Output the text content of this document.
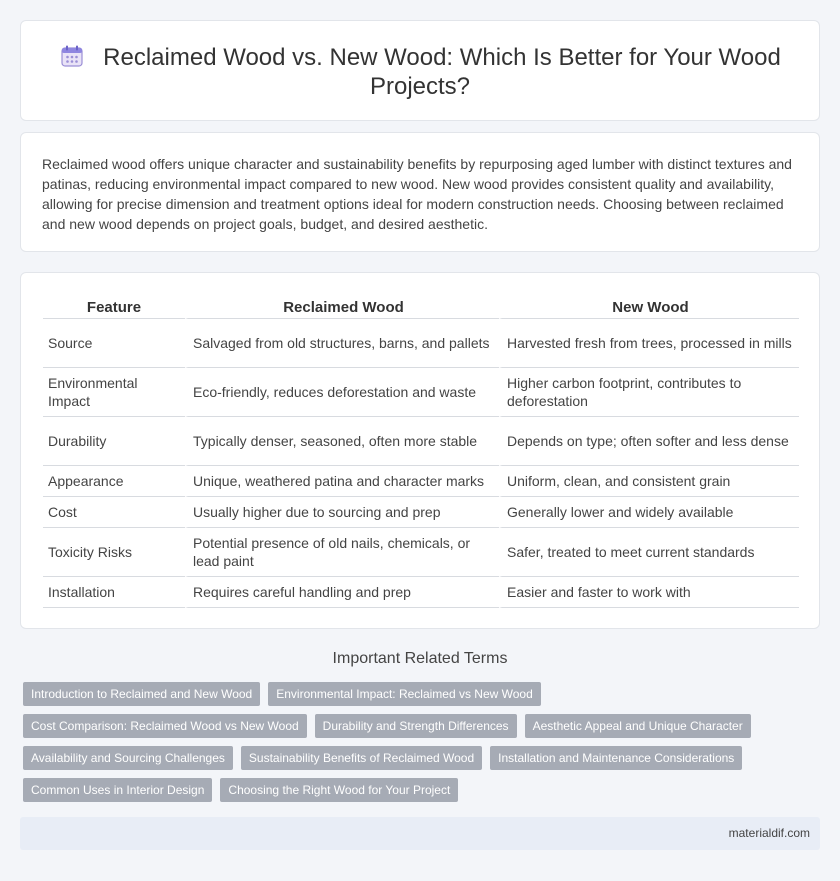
Reclaimed Wood vs. New Wood: Which Is Better for Your Wood Projects?

Reclaimed wood offers unique character and sustainability benefits by repurposing aged lumber with distinct textures and patinas, reducing environmental impact compared to new wood. New wood provides consistent quality and availability, allowing for precise dimension and treatment options ideal for modern construction needs. Choosing between reclaimed and new wood depends on project goals, budget, and desired aesthetic.

Feature	Reclaimed Wood	New Wood
Source	Salvaged from old structures, barns, and pallets	Harvested fresh from trees, processed in mills
Environmental Impact	Eco-friendly, reduces deforestation and waste	Higher carbon footprint, contributes to deforestation
Durability	Typically denser, seasoned, often more stable	Depends on type; often softer and less dense
Appearance	Unique, weathered patina and character marks	Uniform, clean, and consistent grain
Cost	Usually higher due to sourcing and prep	Generally lower and widely available
Toxicity Risks	Potential presence of old nails, chemicals, or lead paint	Safer, treated to meet current standards
Installation	Requires careful handling and prep	Easier and faster to work with
Important Related Terms
Introduction to Reclaimed and New Wood	Environmental Impact: Reclaimed vs New Wood
Cost Comparison: Reclaimed Wood vs New Wood	Durability and Strength Differences	Aesthetic Appeal and Unique Character
Availability and Sourcing Challenges	Sustainability Benefits of Reclaimed Wood	Installation and Maintenance Considerations
Common Uses in Interior Design	Choosing the Right Wood for Your Project
materialdif.com
